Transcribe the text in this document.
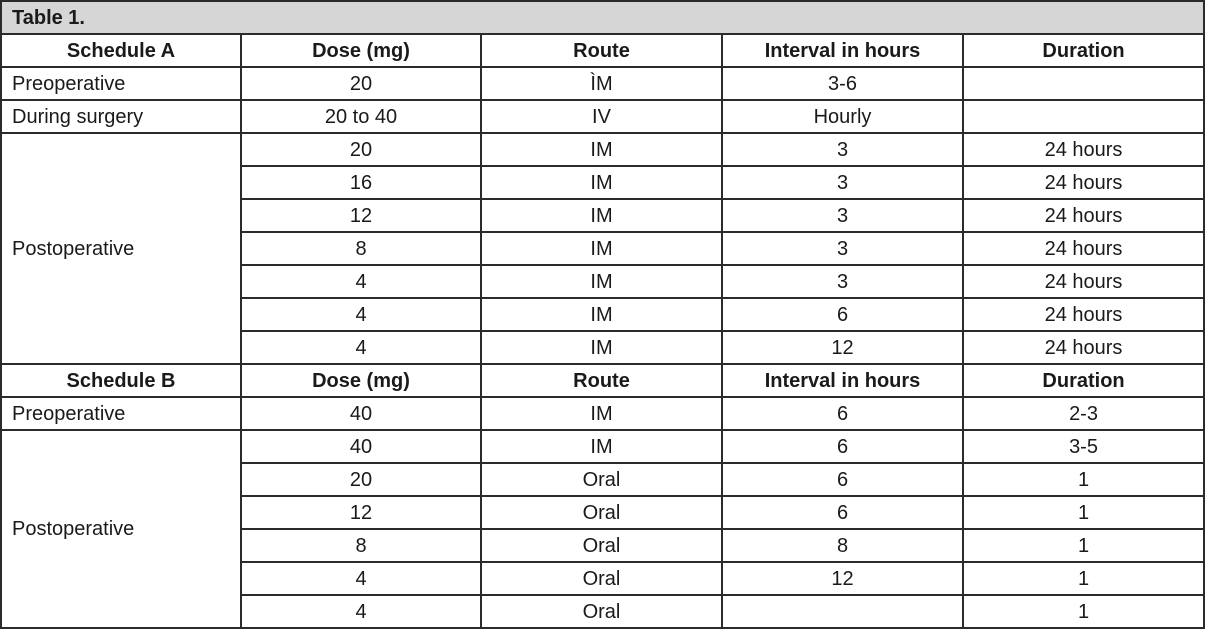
Table 1.				
Schedule A	Dose (mg)	Route	Interval in hours	Duration
Preoperative	20	ÌM	3-6	
During surgery	20 to 40	IV	Hourly	
Postoperative	20	IM	3	24 hours
	16	IM	3	24 hours
	12	IM	3	24 hours
	8	IM	3	24 hours
	4	IM	3	24 hours
	4	IM	6	24 hours
	4	IM	12	24 hours
Schedule B	Dose (mg)	Route	Interval in hours	Duration
Preoperative	40	IM	6	2-3
Postoperative	40	IM	6	3-5
	20	Oral	6	1
	12	Oral	6	1
	8	Oral	8	1
	4	Oral	12	1
	4	Oral		1
